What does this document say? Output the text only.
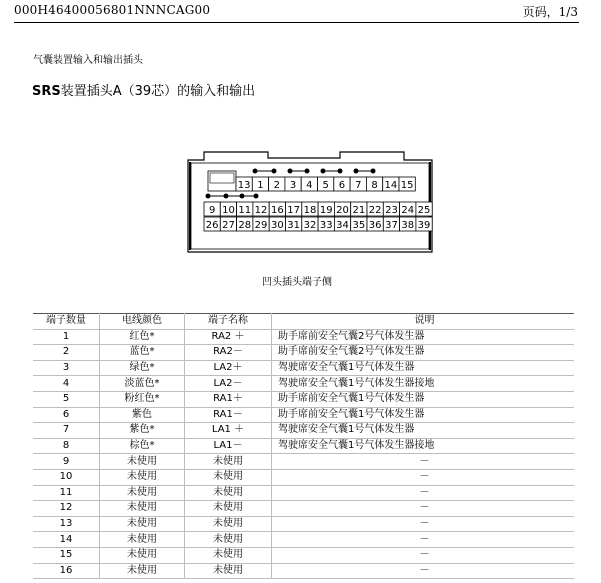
000H46400056801NNNCAG00	页码，1/3
气囊装置输入和输出插头
SRS装置插头A（39芯）的输入和输出
13 1 2 3 4 5 6 7 8 14 15
9 10 11 12 16 17 18 19 20 21 22 23 24 25
26 27 28 29 30 31 32 33 34 35 36 37 38 39
凹头插头端子侧
端子数量	电线颜色	端子名称	说明
1	红色*	RA2 ＋	助手席前安全气囊2号气体发生器
2	蓝色*	RA2－	助手席前安全气囊2号气体发生器
3	绿色*	LA2＋	驾驶席安全气囊1号气体发生器
4	淡蓝色*	LA2－	驾驶席安全气囊1号气体发生器接地
5	粉红色*	RA1＋	助手席前安全气囊1号气体发生器
6	紫色	RA1－	助手席前安全气囊1号气体发生器
7	紫色*	LA1 ＋	驾驶席安全气囊1号气体发生器
8	棕色*	LA1－	驾驶席安全气囊1号气体发生器接地
9	未使用	未使用	－
10	未使用	未使用	－
11	未使用	未使用	－
12	未使用	未使用	－
13	未使用	未使用	－
14	未使用	未使用	－
15	未使用	未使用	－
16	未使用	未使用	－
